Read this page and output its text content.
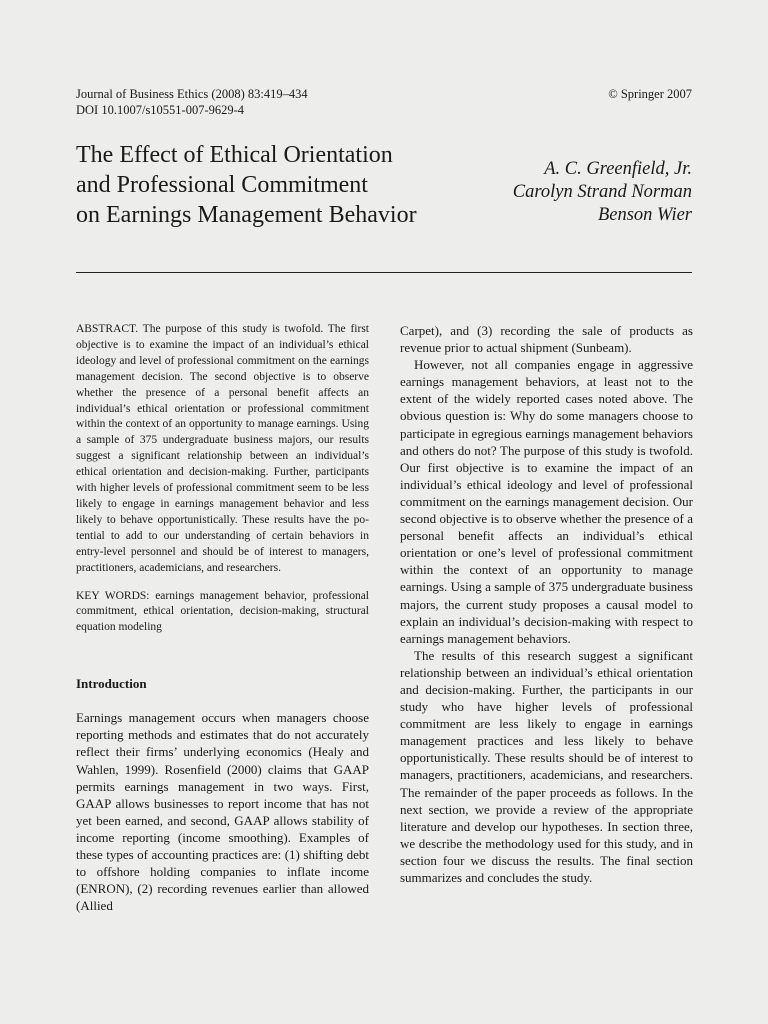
Journal of Business Ethics (2008) 83:419–434
DOI 10.1007/s10551-007-9629-4
© Springer 2007
The Effect of Ethical Orientation
and Professional Commitment
on Earnings Management Behavior
A. C. Greenfield, Jr.
Carolyn Strand Norman
Benson Wier

ABSTRACT. The purpose of this study is twofold. The first objective is to examine the impact of an individual’s ethical ideology and level of professional commitment on the earnings management decision. The second objective is to observe whether the presence of a personal benefit affects an individual’s ethical orientation or professional commitment within the context of an opportunity to manage earnings. Using a sample of 375 undergraduate business majors, our results suggest a significant relationship between an individual’s ethical orientation and decision-making. Further, participants with higher levels of professional commitment seem to be less likely to engage in earnings management behavior and less likely to behave opportunistically. These results have the potential to add to our understanding of certain behaviors in entry-level personnel and should be of interest to managers, practitioners, academicians, and researchers.

KEY WORDS: earnings management behavior, professional commitment, ethical orientation, decision-making, structural equation modeling

Introduction

Earnings management occurs when managers choose reporting methods and estimates that do not accurately reflect their firms’ underlying economics (Healy and Wahlen, 1999). Rosenfield (2000) claims that GAAP permits earnings management in two ways. First, GAAP allows businesses to report income that has not yet been earned, and second, GAAP allows stability of income reporting (income smoothing). Examples of these types of accounting practices are: (1) shifting debt to offshore holding companies to inflate income (ENRON), (2) recording revenues earlier than allowed (Allied

Carpet), and (3) recording the sale of products as revenue prior to actual shipment (Sunbeam).

However, not all companies engage in aggressive earnings management behaviors, at least not to the extent of the widely reported cases noted above. The obvious question is: Why do some managers choose to participate in egregious earnings management behaviors and others do not? The purpose of this study is twofold. Our first objective is to examine the impact of an individual’s ethical ideology and level of professional commitment on the earnings management decision. Our second objective is to observe whether the presence of a personal benefit affects an individual’s ethical orientation or one’s level of professional commitment within the context of an opportunity to manage earnings. Using a sample of 375 undergraduate business majors, the current study proposes a causal model to explain an individual’s decision-making with respect to earnings management behaviors.

The results of this research suggest a significant relationship between an individual’s ethical orientation and decision-making. Further, the participants in our study who have higher levels of professional commitment are less likely to engage in earnings management practices and less likely to behave opportunistically. These results should be of interest to managers, practitioners, academicians, and researchers. The remainder of the paper proceeds as follows. In the next section, we provide a review of the appropriate literature and develop our hypotheses. In section three, we describe the methodology used for this study, and in section four we discuss the results. The final section summarizes and concludes the study.
